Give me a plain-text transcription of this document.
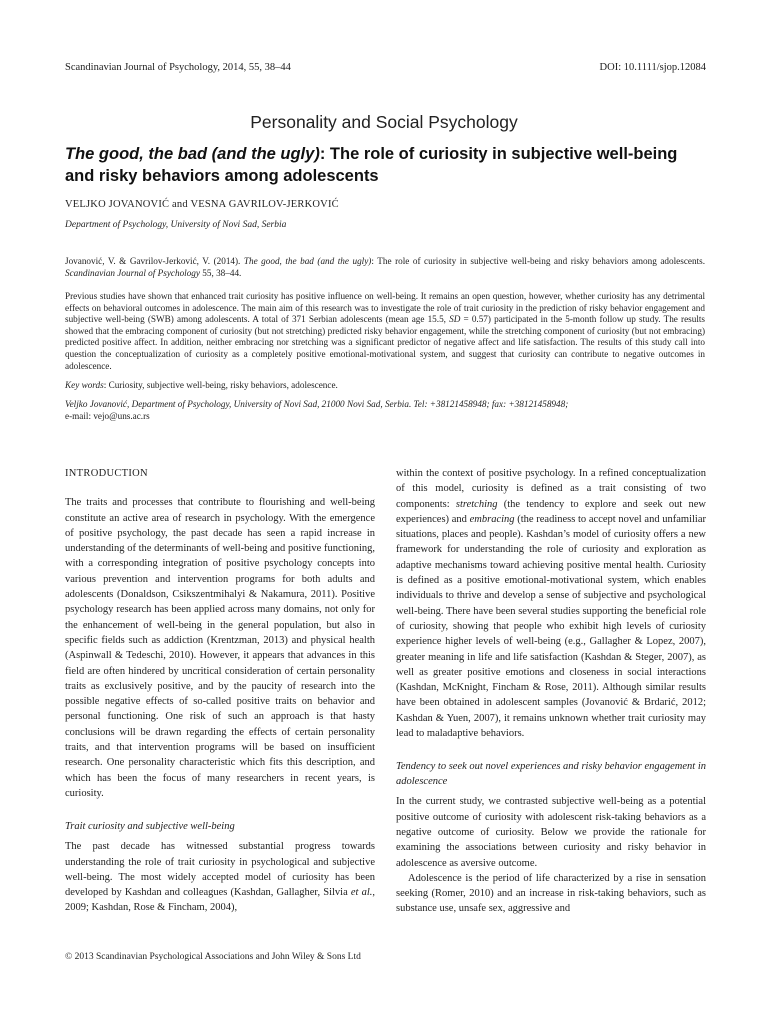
Scandinavian Journal of Psychology, 2014, 55, 38–44	DOI: 10.1111/sjop.12084
Personality and Social Psychology
The good, the bad (and the ugly): The role of curiosity in subjective well-being and risky behaviors among adolescents
VELJKO JOVANOVIĆ and VESNA GAVRILOV-JERKOVIĆ
Department of Psychology, University of Novi Sad, Serbia
Jovanović, V. & Gavrilov-Jerković, V. (2014). The good, the bad (and the ugly): The role of curiosity in subjective well-being and risky behaviors among adolescents. Scandinavian Journal of Psychology 55, 38–44.
Previous studies have shown that enhanced trait curiosity has positive influence on well-being. It remains an open question, however, whether curiosity has any detrimental effects on behavioral outcomes in adolescence. The main aim of this research was to investigate the role of trait curiosity in the prediction of risky behavior engagement and subjective well-being (SWB) among adolescents. A total of 371 Serbian adolescents (mean age 15.5, SD = 0.57) participated in the 5-month follow up study. The results showed that the embracing component of curiosity (but not stretching) predicted risky behavior engagement, while the stretching component of curiosity (but not embracing) predicted positive affect. In addition, neither embracing nor stretching was a significant predictor of negative affect and life satisfaction. The results of this study call into question the conceptualization of curiosity as a completely positive emotional-motivational system, and suggest that curiosity can contribute to negative outcomes in adolescence.
Key words: Curiosity, subjective well-being, risky behaviors, adolescence.
Veljko Jovanović, Department of Psychology, University of Novi Sad, 21000 Novi Sad, Serbia. Tel: +38121458948; fax: +38121458948;
e-mail: vejo@uns.ac.rs

INTRODUCTION

The traits and processes that contribute to flourishing and well-being constitute an active area of research in psychology. With the emergence of positive psychology, the past decade has seen a rapid increase in understanding of the determinants of well-being and positive functioning, with a corresponding integration of positive psychology concepts into various prevention and intervention programs for both adults and adolescents (Donaldson, Csikszentmihalyi & Nakamura, 2011). Positive psychology research has been applied across many domains, not only for the enhancement of well-being in the general population, but also in specific fields such as addiction (Krentzman, 2013) and physical health (Aspinwall & Tedeschi, 2010). However, it appears that advances in this field are often hindered by uncritical consideration of certain personality traits as exclusively positive, and by the paucity of research into the possible negative effects of so-called positive traits on behavior and personal functioning. One risk of such an approach is that hasty conclusions will be drawn regarding the effects of certain personality traits, and that intervention programs will be based on insufficient research. One personality characteristic which fits this description, and which has been the focus of many researchers in recent years, is curiosity.

Trait curiosity and subjective well-being

The past decade has witnessed substantial progress towards understanding the role of trait curiosity in psychological and subjective well-being. The most widely accepted model of curiosity has been developed by Kashdan and colleagues (Kashdan, Gallagher, Silvia et al., 2009; Kashdan, Rose & Fincham, 2004),

within the context of positive psychology. In a refined conceptualization of this model, curiosity is defined as a trait consisting of two components: stretching (the tendency to explore and seek out new experiences) and embracing (the readiness to accept novel and unfamiliar situations, places and people). Kashdan’s model of curiosity offers a new framework for understanding the role of curiosity and exploration as adaptive mechanisms toward achieving positive mental health. Curiosity is defined as a positive emotional-motivational system, which enables individuals to thrive and develop a sense of subjective and psychological well-being. There have been several studies supporting the beneficial role of curiosity, showing that people who exhibit high levels of curiosity experience higher levels of well-being (e.g., Gallagher & Lopez, 2007), greater meaning in life and life satisfaction (Kashdan & Steger, 2007), as well as greater positive emotions and closeness in social interactions (Kashdan, McKnight, Fincham & Rose, 2011). Although similar results have been obtained in adolescent samples (Jovanović & Brdarić, 2012; Kashdan & Yuen, 2007), it remains unknown whether trait curiosity may lead to maladaptive behaviors.

Tendency to seek out novel experiences and risky behavior engagement in adolescence

In the current study, we contrasted subjective well-being as a potential positive outcome of curiosity with adolescent risk-taking behaviors as a negative outcome of curiosity. Below we provide the rationale for examining the associations between curiosity and risky behavior in adolescence as aversive outcome.

Adolescence is the period of life characterized by a rise in sensation seeking (Romer, 2010) and an increase in risk-taking behaviors, such as substance use, unsafe sex, aggressive and

© 2013 Scandinavian Psychological Associations and John Wiley & Sons Ltd
